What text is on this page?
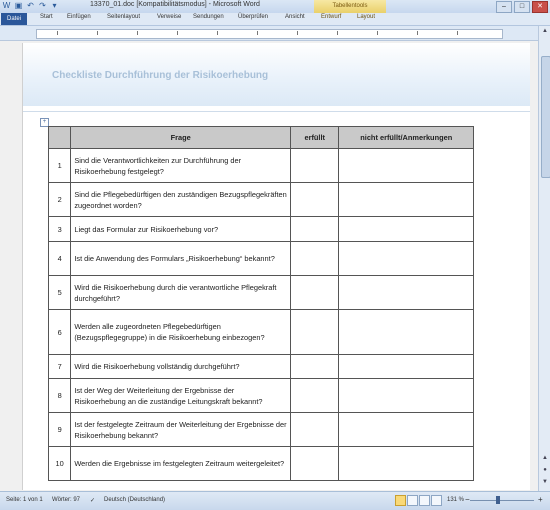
W ▣ ↶ ↷ ▾	13370_01.doc [Kompatibilitätsmodus] - Microsoft Word	Tabellentools	–	□	✕
Datei	Start Einfügen	Seitenlayout	Verweise Sendungen Überprüfen	Ansicht	Entwurf	Layout
Checkliste Durchführung der Risikoerhebung
+
	Frage	erfüllt	nicht erfüllt/Anmerkungen
1	Sind die Verantwortlichkeiten zur Durchführung der Risikoerhebung festgelegt?		
2	Sind die Pflegebedürftigen den zuständigen Bezugspflegekräften zugeordnet worden?		
3	Liegt das Formular zur Risikoerhebung vor?		
4	Ist die Anwendung des Formulars „Risikoerhebung“ bekannt?		
5	Wird die Risikoerhebung durch die verantwortliche Pflegekraft durchgeführt?		
6	Werden alle zugeordneten Pflegebedürftigen (Bezugspflegegruppe) in die Risikoerhebung einbezogen?		
7	Wird die Risikoerhebung vollständig durchgeführt?		
8	Ist der Weg der Weiterleitung der Ergebnisse der Risikoerhebung an die zuständige Leitungskraft bekannt?		
9	Ist der festgelegte Zeitraum der Weiterleitung der Ergebnisse der Risikoerhebung bekannt?		
10	Werden die Ergebnisse im festgelegten Zeitraum weitergeleitet?		
▲
▲
●
▼
Seite: 1 von 1 Wörter: 97 ✓ Deutsch (Deutschland)	131 % −	+
